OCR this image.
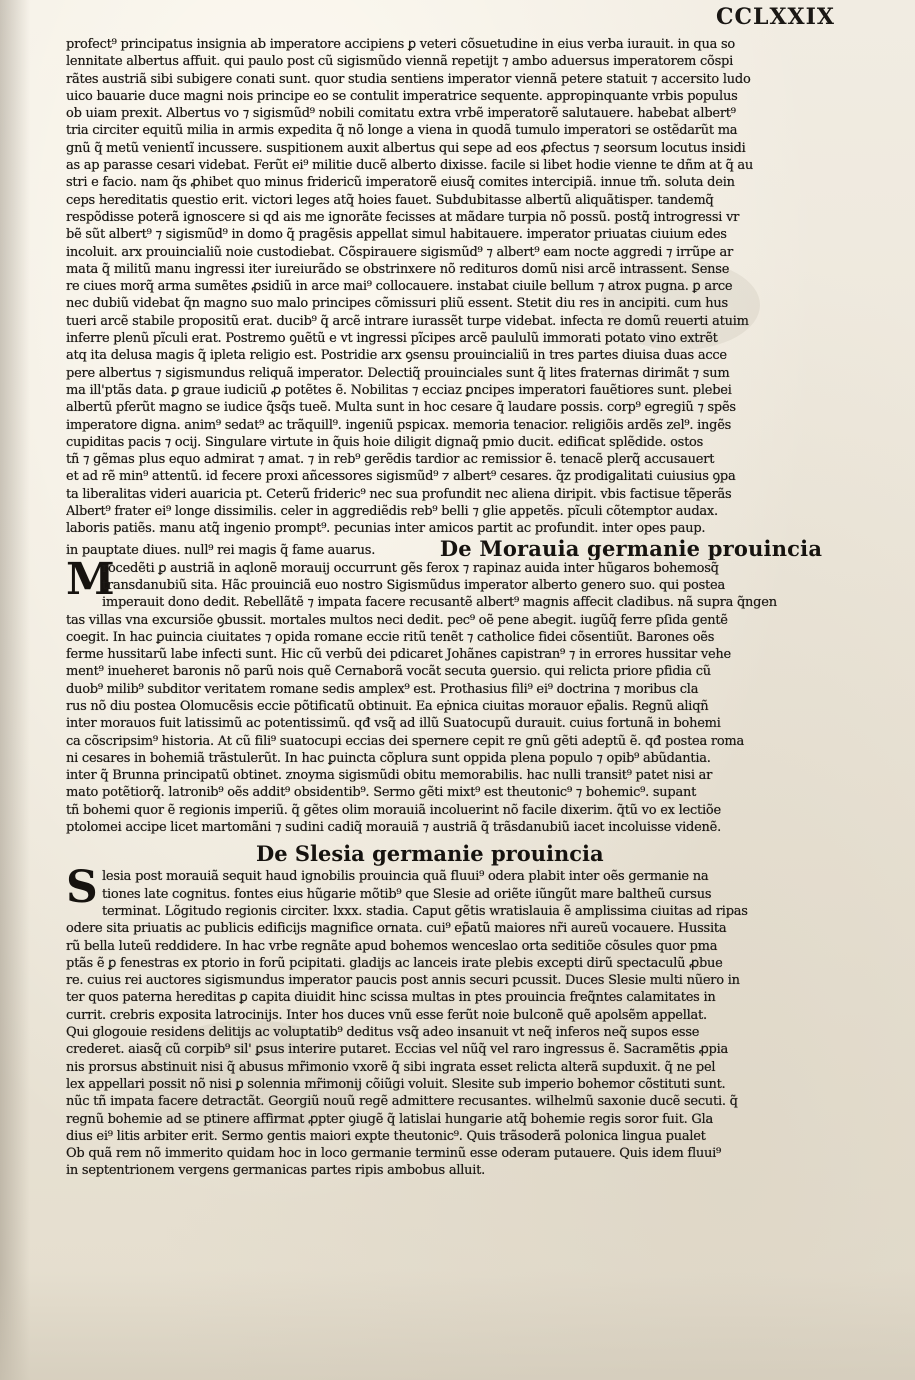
CCLXXIX
profect⁹ principatus insignia ab imperatore accipiens ꝑ veteri cõsuetudine in eius verba iurauit. in qua so
lennitate albertus affuit. qui paulo post cũ sigismũdo viennã repetijt ⁊ ambo aduersus imperatorem cõspi
rãtes austriã sibi subigere conati sunt. quor studia sentiens imperator viennã petere statuit ⁊ accersito ludo
uico bauarie duce magni nois principe eo se contulit imperatrice sequente. appropinquante vrbis populus
ob uiam prexit. Albertus vo ⁊ sigismũd⁹ nobili comitatu extra vrbẽ imperatorẽ salutauere. habebat albert⁹
tria circiter equitũ milia in armis expedita q̃ nõ longe a viena in quodã tumulo imperatori se ostẽdarũt ma
gnũ q̃ metũ venientĩ incussere. suspitionem auxit albertus qui sepe ad eos ꝓfectus ⁊ seorsum locutus insidi
as ap parasse cesari videbat. Ferũt ei⁹ militie ducẽ alberto dixisse. facile si libet hodie vienne te dñm at q̃ au
stri e facio. nam q̃s ꝓhibet quo minus fridericũ imperatorẽ eiusq̃ comites intercipiã. innue tm̃. soluta dein
ceps hereditatis questio erit. victori leges atq̃ hoies fauet. Subdubitasse albertũ aliquãtisper. tandemq̃
respõdisse poterã ignoscere si qd ais me ignorãte fecisses at mãdare turpia nõ possũ. postq̃ introgressi vr
bẽ sũt albert⁹ ⁊ sigismũd⁹ in domo q̃ pragẽsis appellat simul habitauere. imperator priuatas ciuium edes
incoluit. arx prouincialiũ noie custodiebat. Cõspirauere sigismũd⁹ ⁊ albert⁹ eam nocte aggredi ⁊ irrũpe ar
mata q̃ militũ manu ingressi iter iureiurãdo se obstrinxere nõ redituros domũ nisi arcẽ intrassent. Sense
re ciues morq̃ arma sumẽtes ꝓsidiũ in arce mai⁹ collocauere. instabat ciuile bellum ⁊ atrox pugna. ꝑ arce
nec dubiũ videbat q̃n magno suo malo principes cõmissuri pliũ essent. Stetit diu res in ancipiti. cum hus
tueri arcẽ stabile propositũ erat. ducib⁹ q̃ arcẽ intrare iurassẽt turpe videbat. infecta re domũ reuerti atuim
inferre plenũ pĩculi erat. Postremo ꝯuẽtũ e vt ingressi pĩcipes arcẽ paululũ immorati potato vino extrẽt
atq ita delusa magis q̃ ipleta religio est. Postridie arx ꝯsensu prouincialiũ in tres partes diuisa duas acce
pere albertus ⁊ sigismundus reliquã imperator. Delectiq̃ prouinciales sunt q̃ lites fraternas dirimãt ⁊ sum
ma ill'ptãs data. ꝑ graue iudiciũ ꝓ potẽtes ẽ. Nobilitas ⁊ ecciaz ꝑncipes imperatori fauẽtiores sunt. plebei
albertũ pferũt magno se iudice q̃sq̃s tueẽ. Multa sunt in hoc cesare q̃ laudare possis. corp⁹ egregiũ ⁊ spẽs
imperatore digna. anim⁹ sedat⁹ ac trãquill⁹. ingeniũ pspicax. memoria tenacior. religiõis ardẽs zel⁹. ingẽs
cupiditas pacis ⁊ ocij. Singulare virtute in q̃uis hoie diligit dignaq̃ pmio ducit. edificat splẽdide. ostos
tñ ⁊ gẽmas plus equo admirat ⁊ amat. ⁊ in reb⁹ gerẽdis tardior ac remissior ẽ. tenacẽ plerq̃ accusauert
et ad rẽ min⁹ attentũ. id fecere proxi añcessores sigismũd⁹ ⁊ albert⁹ cesares. q̃z prodigalitati cuiusius ꝯpa
ta liberalitas videri auaricia pt. Ceterũ frideric⁹ nec sua profundit nec aliena diripit. vbis factisue tẽperãs
Albert⁹ frater ei⁹ longe dissimilis. celer in aggrediẽdis reb⁹ belli ⁊ glie appetẽs. pĩculi cõtemptor audax.
laboris patiẽs. manu atq̃ ingenio prompt⁹. pecunias inter amicos partit ac profundit. inter opes paup.
in pauptate diues. null⁹ rei magis q̃ fame auarus.	De Morauia germanie prouincia
M
rocedẽti ꝑ austriã in aqlonẽ morauij occurrunt gẽs ferox ⁊ rapinaz auida inter hũgaros bohemosq̃
transdanubiũ sita. Hãc prouinciã euo nostro Sigismũdus imperator alberto genero suo. qui postea
imperauit dono dedit. Rebellãtẽ ⁊ impata facere recusantẽ albert⁹ magnis affecit cladibus. nã supra q̃ngen
tas villas vna excursiõe ꝯbussit. mortales multos neci dedit. pec⁹ oẽ pene abegit. iugũq̃ ferre pſida gentẽ
coegit. In hac ꝑuincia ciuitates ⁊ opida romane eccie ritũ tenẽt ⁊ catholice fidei cõsentiũt. Barones oẽs
ferme hussitarũ labe infecti sunt. Hic cũ verbũ dei pdicaret Johãnes capistran⁹ ⁊ in errores hussitar vehe
ment⁹ inueheret baronis nõ parũ nois quẽ Cernaborã vocãt secuta ꝯuersio. qui relicta priore pfidia cũ
duob⁹ milib⁹ subditor veritatem romane sedis amplex⁹ est. Prothasius fili⁹ ei⁹ doctrina ⁊ moribus cla
rus nõ diu postea Olomucẽsis eccie põtificatũ obtinuit. Ea eṗnica ciuitas morauor ep̃alis. Regnũ aliqñ
inter morauos fuit latissimũ ac potentissimũ. qđ vsq̃ ad illũ Suatocupũ durauit. cuius fortunã in bohemi
ca cõscripsim⁹ historia. At cũ fili⁹ suatocupi eccias dei spernere cepit re gnũ gẽti adeptũ ẽ. qđ postea roma
ni cesares in bohemiã trãstulerũt. In hac ꝑuincta cõplura sunt oppida plena populo ⁊ opib⁹ abũdantia.
inter q̃ Brunna principatũ obtinet. znoyma sigismũdi obitu memorabilis. hac nulli transit⁹ patet nisi ar
mato potẽtiorq̃. latronib⁹ oẽs addit⁹ obsidentib⁹. Sermo gẽti mixt⁹ est theutonic⁹ ⁊ bohemic⁹. supant
tñ bohemi quor ẽ regionis imperiũ. q̃ gẽtes olim morauiã incoluerint nõ facile dixerim. q̃tũ vo ex lectiõe
ptolomei accipe licet martomãni ⁊ sudini cadiq̃ morauiã ⁊ austriã q̃ trãsdanubiũ iacet incoluisse videnẽ.
De Slesia germanie prouincia
S lesia post morauiã sequit haud ignobilis prouincia quã fluui⁹ odera plabit inter oẽs germanie na
tiones late cognitus. fontes eius hũgarie mõtib⁹ que Slesie ad oriẽte iũngũt mare baltheũ cursus
terminat. Lõgitudo regionis circiter. lxxx. stadia. Caput gẽtis wratislauia ẽ amplissima ciuitas ad ripas
odere sita priuatis ac publicis edificijs magnifice ornata. cui⁹ ep̃atũ maiores nr̃i aureũ vocauere. Hussita
rũ bella luteũ reddidere. In hac vrbe regnãte apud bohemos wenceslao orta seditiõe cõsules quor pma
ptãs ẽ ꝑ fenestras ex ptorio in forũ pcipitati. gladijs ac lanceis irate plebis excepti dirũ spectaculũ ꝓbue
re. cuius rei auctores sigismundus imperator paucis post annis securi pcussit. Duces Slesie multi nũero in
ter quos paterna hereditas ꝑ capita diuidit hinc scissa multas in ptes prouincia freq̃ntes calamitates in
currit. crebris exposita latrocinijs. Inter hos duces vnũ esse ferũt noie bulconẽ quẽ apolsẽm appellat.
Qui glogouie residens delitijs ac voluptatib⁹ deditus vsq̃ adeo insanuit vt neq̃ inferos neq̃ supos esse
crederet. aiasq̃ cũ corpib⁹ sil' ꝑsus interire putaret. Eccias vel nũq̃ vel raro ingressus ẽ. Sacramẽtis ꝓpia
nis prorsus abstinuit nisi q̃ abusus mr̃imonio vxorẽ q̃ sibi ingrata esset relicta alterã supduxit. q̃ ne pel
lex appellari possit nõ nisi ꝑ solennia mr̃imonij cõiũgi voluit. Slesite sub imperio bohemor cõstituti sunt.
nũc tñ impata facere detractãt. Georgiũ nouũ regẽ admittere recusantes. wilhelmũ saxonie ducẽ secuti. q̃
regnũ bohemie ad se ptinere affirmat ꝓpter ꝯiugẽ q̃ latislai hungarie atq̃ bohemie regis soror fuit. Gla
dius ei⁹ litis arbiter erit. Sermo gentis maiori expte theutonic⁹. Quis trãsoderã polonica lingua pualet
Ob quã rem nõ immerito quidam hoc in loco germanie terminũ esse oderam putauere. Quis idem fluui⁹
in septentrionem vergens germanicas partes ripis ambobus alluit.
